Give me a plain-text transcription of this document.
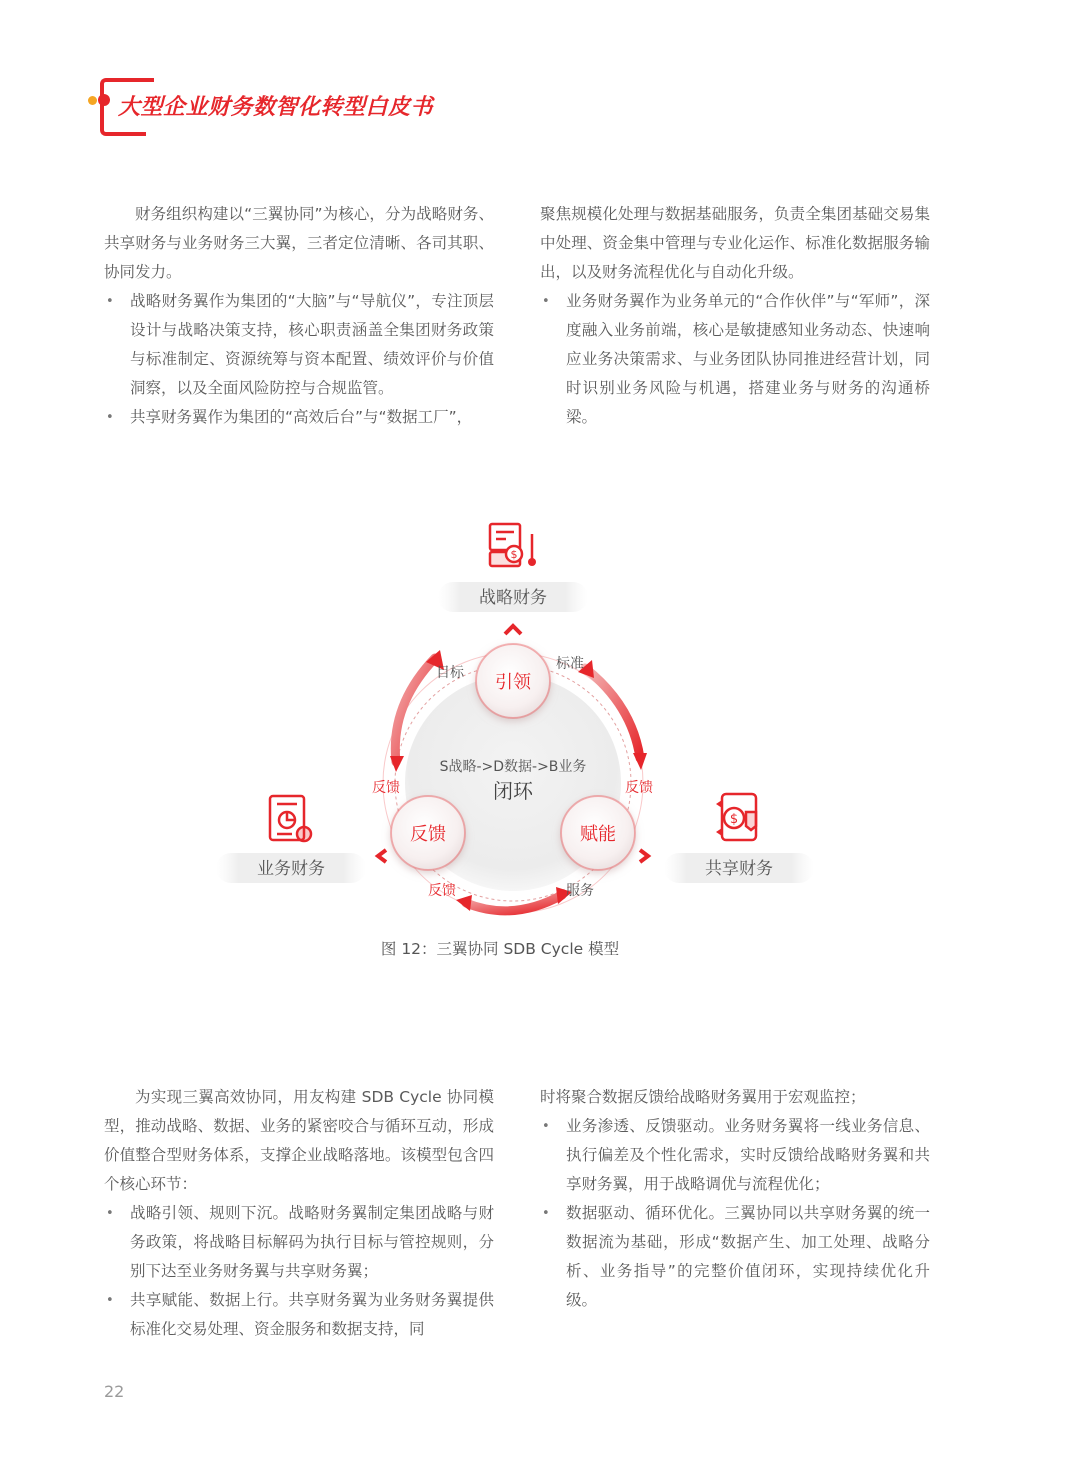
大型企业财务数智化转型白皮书

财务组织构建以“三翼协同”为核心，分为战略财务、共享财务与业务财务三大翼，三者定位清晰、各司其职、协同发力。

• 战略财务翼作为集团的“大脑”与“导航仪”，专注顶层设计与战略决策支持，核心职责涵盖全集团财务政策与标准制定、资源统筹与资本配置、绩效评价与价值洞察，以及全面风险防控与合规监管。
• 共享财务翼作为集团的“高效后台”与“数据工厂”，

聚焦规模化处理与数据基础服务，负责全集团基础交易集中处理、资金集中管理与专业化运作、标准化数据服务输出，以及财务流程优化与自动化升级。

• 业务财务翼作为业务单元的“合作伙伴”与“军师”，深度融入业务前端，核心是敏捷感知业务动态、快速响应业务决策需求、与业务团队协同推进经营计划，同时识别业务风险与机遇，搭建业务与财务的沟通桥梁。
S战略->D数据->B业务
闭环
引领
反馈	赋能
目标
标准
反馈	反馈
反馈	服务
战略财务
业务财务	共享财务
$
$
图 12：三翼协同 SDB Cycle 模型

为实现三翼高效协同，用友构建 SDB Cycle 协同模型，推动战略、数据、业务的紧密咬合与循环互动，形成价值整合型财务体系，支撑企业战略落地。该模型包含四个核心环节：

• 战略引领、规则下沉。战略财务翼制定集团战略与财务政策，将战略目标解码为执行目标与管控规则，分别下达至业务财务翼与共享财务翼；
• 共享赋能、数据上行。共享财务翼为业务财务翼提供标准化交易处理、资金服务和数据支持，同

时将聚合数据反馈给战略财务翼用于宏观监控；

• 业务渗透、反馈驱动。业务财务翼将一线业务信息、执行偏差及个性化需求，实时反馈给战略财务翼和共享财务翼，用于战略调优与流程优化；
• 数据驱动、循环优化。三翼协同以共享财务翼的统一数据流为基础，形成“数据产生、加工处理、战略分析、业务指导”的完整价值闭环，实现持续优化升级。
22
